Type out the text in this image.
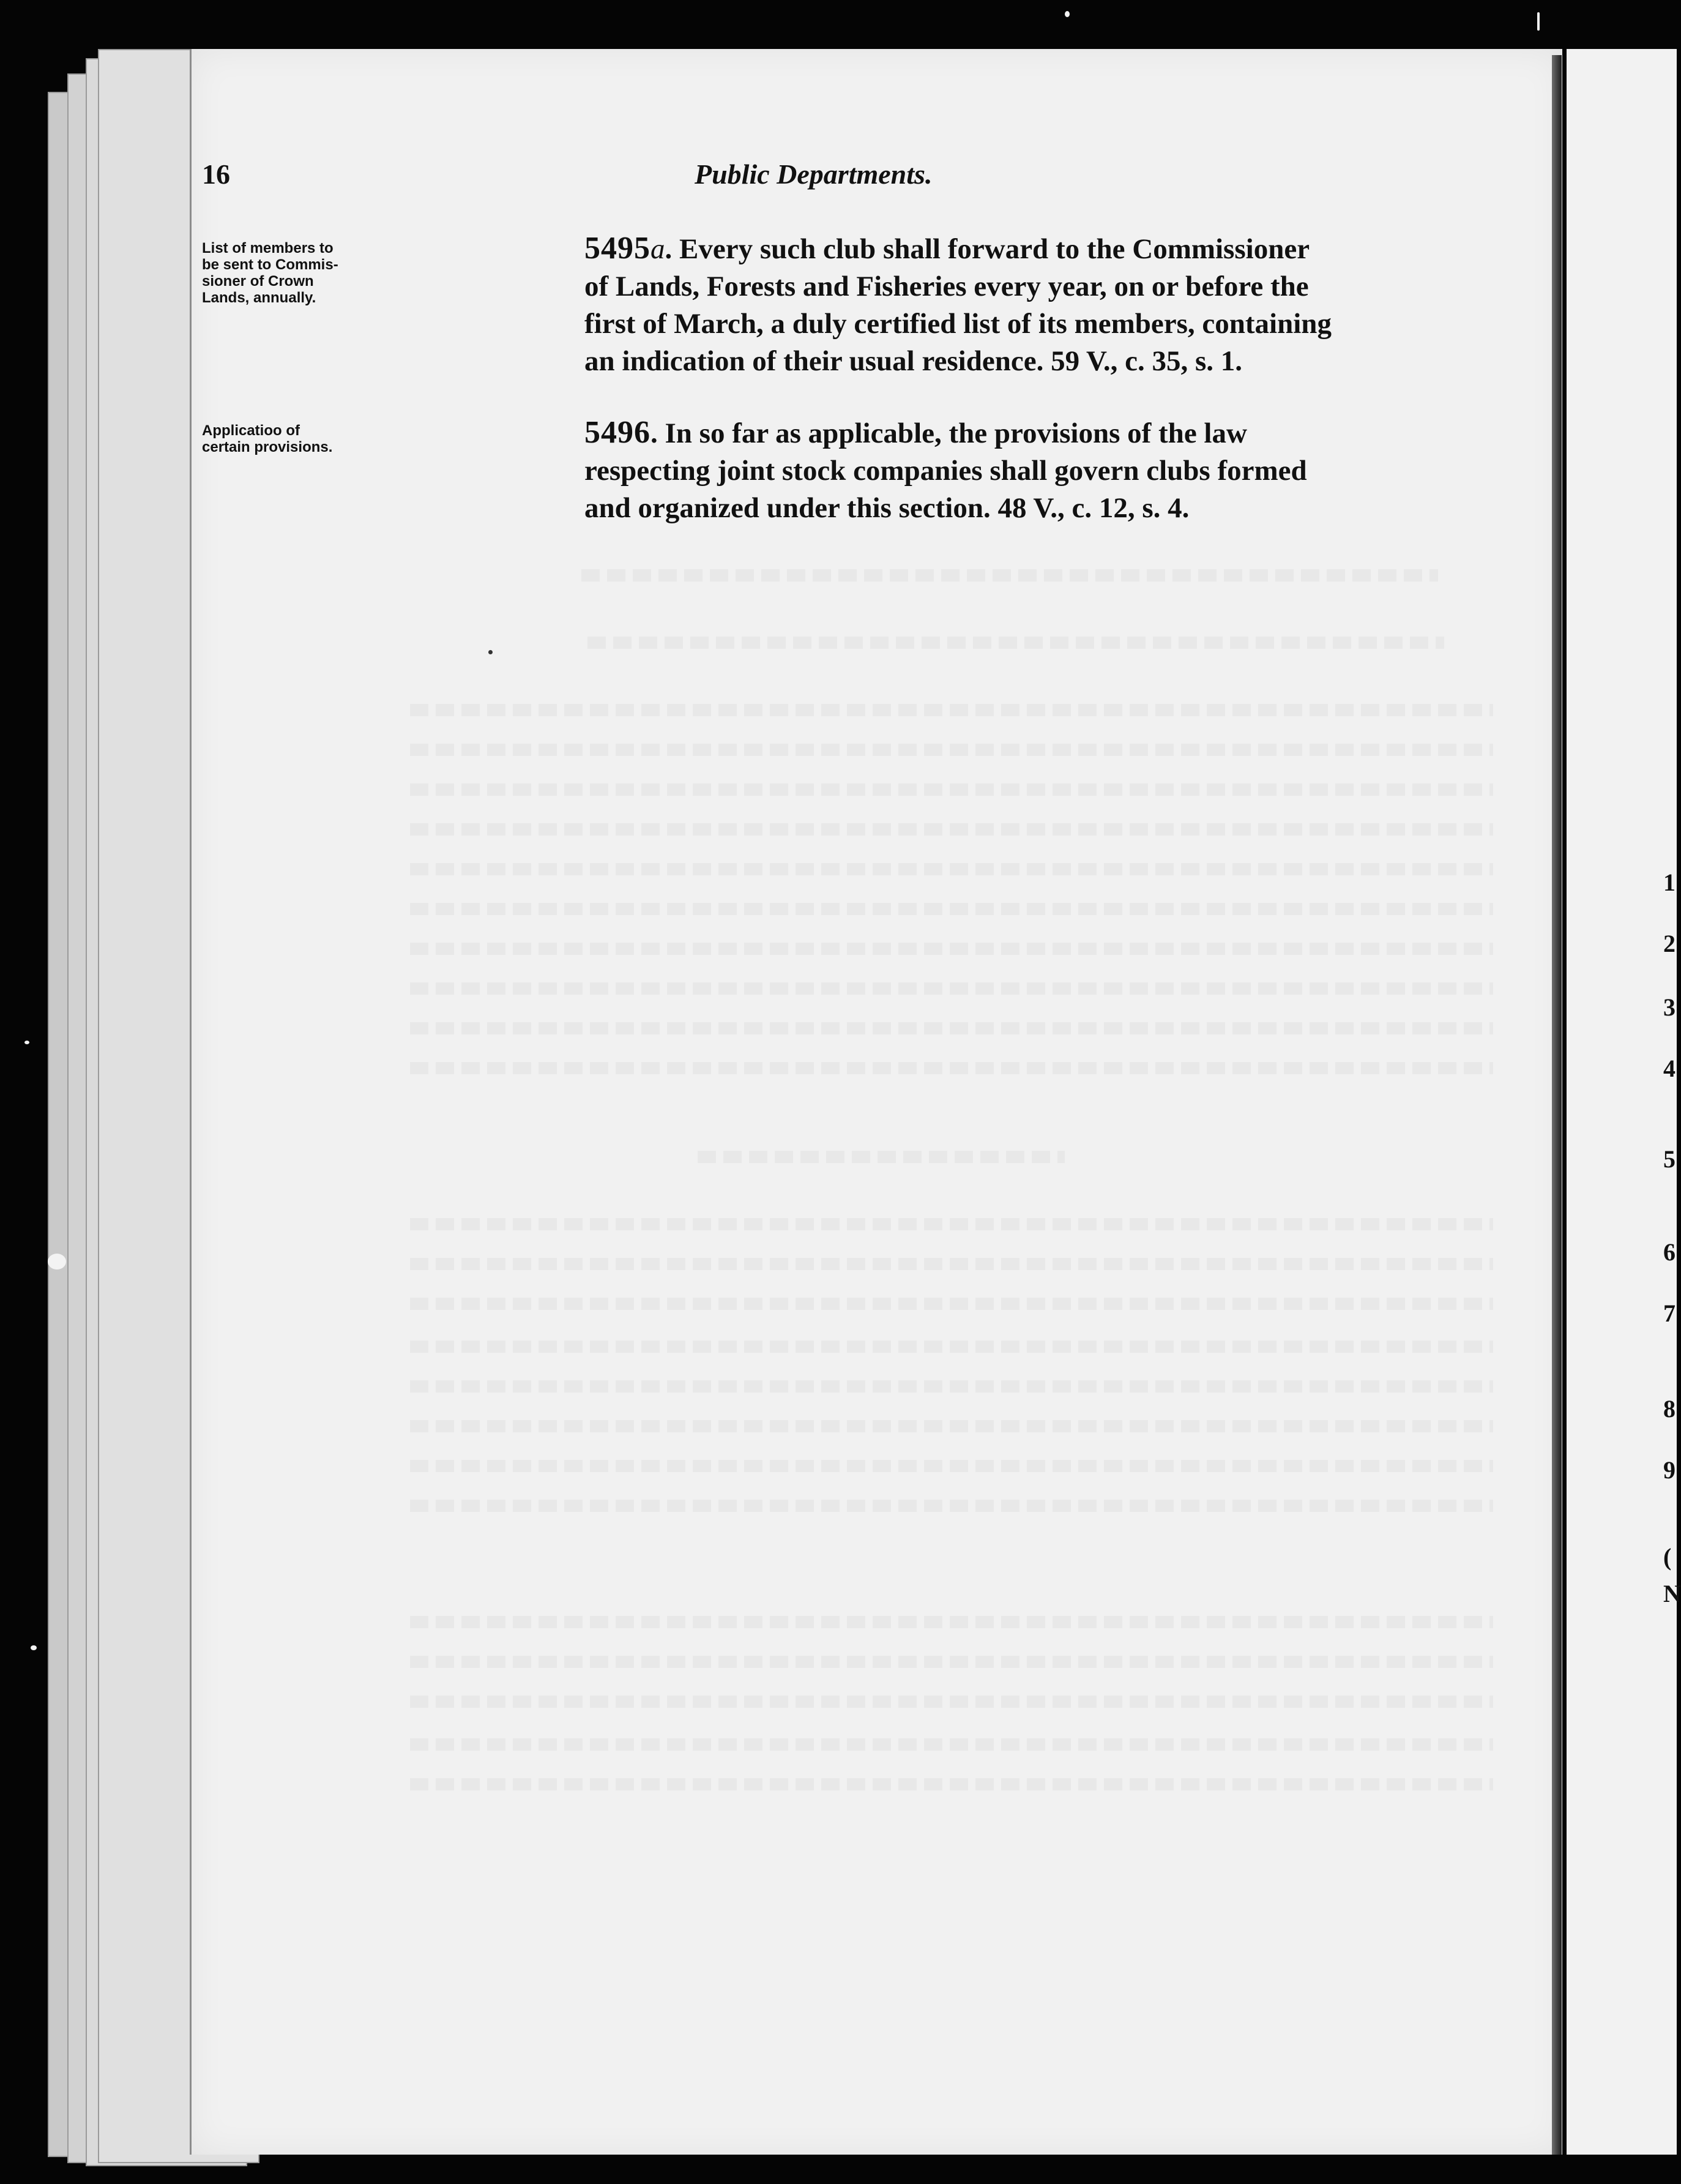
16	Public Departments.
List of members to
be sent to Commis-
sioner of Crown
Lands, annually.
Applicatioo of
certain provisions.
5495a. Every such club shall forward to the Commissioner
of Lands, Forests and Fisheries every year, on or before the
first of March, a duly certified list of its members, containing
an indication of their usual residence. 59 V., c. 35, s. 1.
5496. In so far as applicable, the provisions of the law
respecting joint stock companies shall govern clubs formed
and organized under this section. 48 V., c. 12, s. 4.
1
2
3
4
5
6
7
8
9
(
N
